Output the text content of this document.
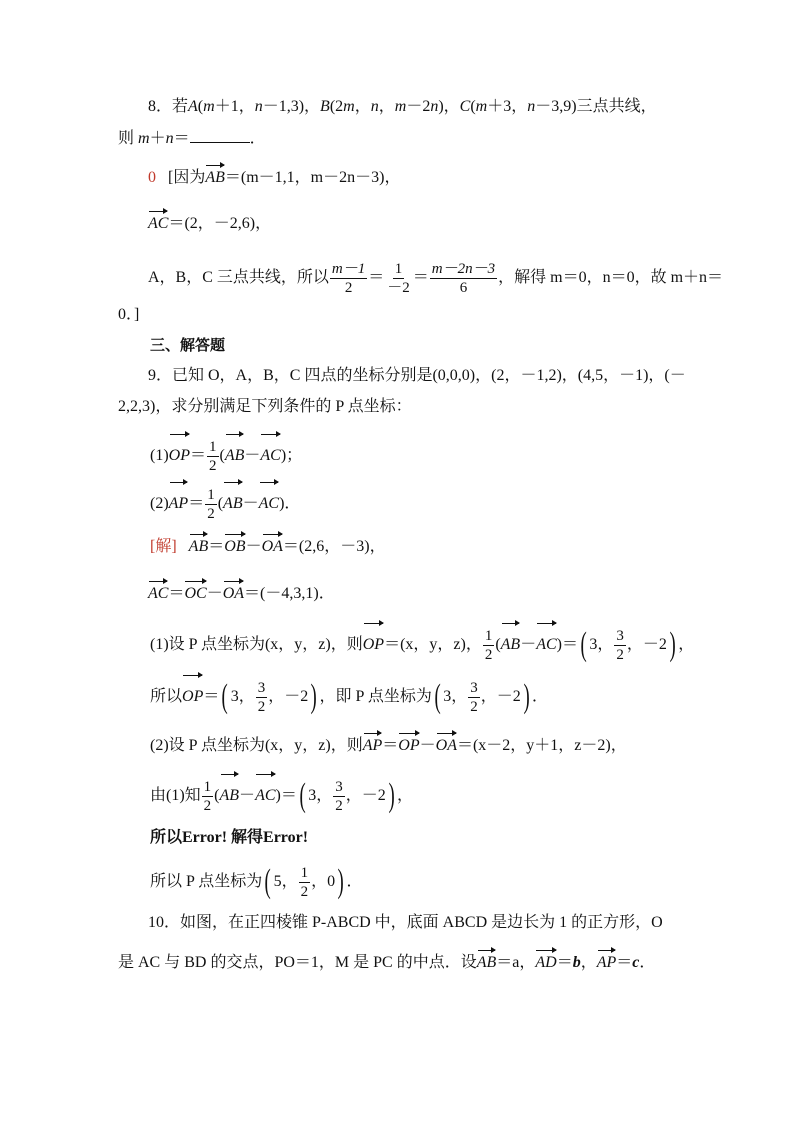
8．若A(m＋1，n－1,3)，B(2m，n，m－2n)，C(m＋3，n－3,9)三点共线，
则 m＋n＝	．
0 [因为AB＝(m－1,1，m－2n－3)，
AC＝(2，－2,6)，
A，B，C 三点共线，所以 $\frac{m-1}{2} = \frac{1}{-2} = \frac{m-2n-3}{6}$ ，解得 m＝0，n＝0，故 m＋n＝
0．]
三、解答题
9．已知 O，A，B，C 四点的坐标分别是(0,0,0)，(2，－1,2)，(4,5，－1)，(－
2,2,3)，求分别满足下列条件的 P 点坐标：
$(1)OP= \frac{1}{2} (AB-AC)$；
$(2)AP= \frac{1}{2} (AB-AC)$．
[解] AB＝OB－OA＝(2,6，－3)，
AC＝OC－OA＝(－4,3,1)．
(1)设 P 点坐标为(x，y，z)，则OP＝(x，y，z)， $\frac{1}{2} (AB-AC)=$( 3， $\frac{3}{2}$ ，－2) ，
所以OP＝( 3， $\frac{3}{2}$ ，－2) ，即 P 点坐标为( 3， $\frac{3}{2}$ ，－2) ．
(2)设 P 点坐标为(x，y，z)，则AP＝OP－OA＝(x－2，y＋1，z－2)，
由(1)知 $\frac{1}{2} (AB-AC)=$( 3， $\frac{3}{2}$ ，－2) ，
所以Error! 解得Error!
所以 P 点坐标为( 5， $\frac{1}{2}$ ，0) ．
10．如图，在正四棱锥 P-ABCD 中，底面 ABCD 是边长为 1 的正方形，O
是 AC 与 BD 的交点，PO＝1，M 是 PC 的中点．设AB＝a，AD＝b，AP＝c．
